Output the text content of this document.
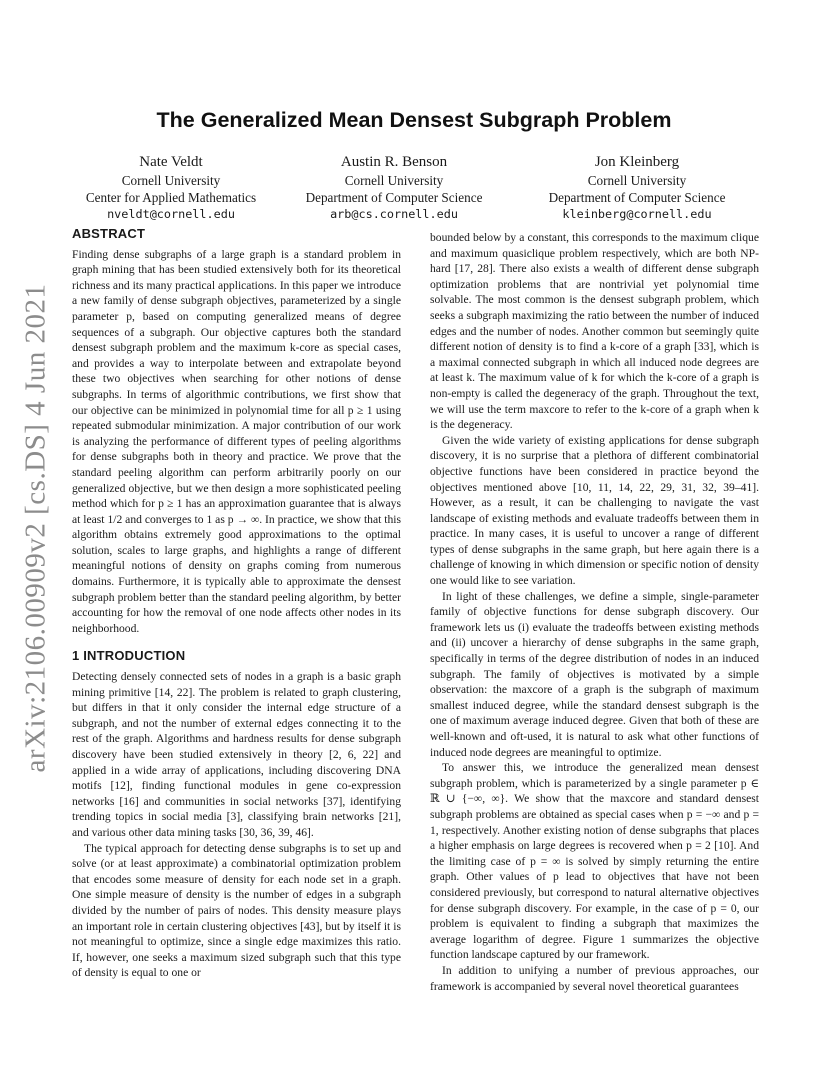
arXiv:2106.00909v2 [cs.DS] 4 Jun 2021
The Generalized Mean Densest Subgraph Problem
Nate Veldt
Cornell University
Center for Applied Mathematics
nveldt@cornell.edu
Austin R. Benson
Cornell University
Department of Computer Science
arb@cs.cornell.edu
Jon Kleinberg
Cornell University
Department of Computer Science
kleinberg@cornell.edu
ABSTRACT

Finding dense subgraphs of a large graph is a standard problem in graph mining that has been studied extensively both for its theoretical richness and its many practical applications. In this paper we introduce a new family of dense subgraph objectives, parameterized by a single parameter p, based on computing generalized means of degree sequences of a subgraph. Our objective captures both the standard densest subgraph problem and the maximum k-core as special cases, and provides a way to interpolate between and extrapolate beyond these two objectives when searching for other notions of dense subgraphs. In terms of algorithmic contributions, we first show that our objective can be minimized in polynomial time for all p ≥ 1 using repeated submodular minimization. A major contribution of our work is analyzing the performance of different types of peeling algorithms for dense subgraphs both in theory and practice. We prove that the standard peeling algorithm can perform arbitrarily poorly on our generalized objective, but we then design a more sophisticated peeling method which for p ≥ 1 has an approximation guarantee that is always at least 1/2 and converges to 1 as p → ∞. In practice, we show that this algorithm obtains extremely good approximations to the optimal solution, scales to large graphs, and highlights a range of different meaningful notions of density on graphs coming from numerous domains. Furthermore, it is typically able to approximate the densest subgraph problem better than the standard peeling algorithm, by better accounting for how the removal of one node affects other nodes in its neighborhood.

1 INTRODUCTION

Detecting densely connected sets of nodes in a graph is a basic graph mining primitive [14, 22]. The problem is related to graph clustering, but differs in that it only consider the internal edge structure of a subgraph, and not the number of external edges connecting it to the rest of the graph. Algorithms and hardness results for dense subgraph discovery have been studied extensively in theory [2, 6, 22] and applied in a wide array of applications, including discovering DNA motifs [12], finding functional modules in gene co-expression networks [16] and communities in social networks [37], identifying trending topics in social media [3], classifying brain networks [21], and various other data mining tasks [30, 36, 39, 46].

The typical approach for detecting dense subgraphs is to set up and solve (or at least approximate) a combinatorial optimization problem that encodes some measure of density for each node set in a graph. One simple measure of density is the number of edges in a subgraph divided by the number of pairs of nodes. This density measure plays an important role in certain clustering objectives [43], but by itself it is not meaningful to optimize, since a single edge maximizes this ratio. If, however, one seeks a maximum sized subgraph such that this type of density is equal to one or

bounded below by a constant, this corresponds to the maximum clique and maximum quasiclique problem respectively, which are both NP-hard [17, 28]. There also exists a wealth of different dense subgraph optimization problems that are nontrivial yet polynomial time solvable. The most common is the densest subgraph problem, which seeks a subgraph maximizing the ratio between the number of induced edges and the number of nodes. Another common but seemingly quite different notion of density is to find a k-core of a graph [33], which is a maximal connected subgraph in which all induced node degrees are at least k. The maximum value of k for which the k-core of a graph is non-empty is called the degeneracy of the graph. Throughout the text, we will use the term maxcore to refer to the k-core of a graph when k is the degeneracy.

Given the wide variety of existing applications for dense subgraph discovery, it is no surprise that a plethora of different combinatorial objective functions have been considered in practice beyond the objectives mentioned above [10, 11, 14, 22, 29, 31, 32, 39–41]. However, as a result, it can be challenging to navigate the vast landscape of existing methods and evaluate tradeoffs between them in practice. In many cases, it is useful to uncover a range of different types of dense subgraphs in the same graph, but here again there is a challenge of knowing in which dimension or specific notion of density one would like to see variation.

In light of these challenges, we define a simple, single-parameter family of objective functions for dense subgraph discovery. Our framework lets us (i) evaluate the tradeoffs between existing methods and (ii) uncover a hierarchy of dense subgraphs in the same graph, specifically in terms of the degree distribution of nodes in an induced subgraph. The family of objectives is motivated by a simple observation: the maxcore of a graph is the subgraph of maximum smallest induced degree, while the standard densest subgraph is the one of maximum average induced degree. Given that both of these are well-known and oft-used, it is natural to ask what other functions of induced node degrees are meaningful to optimize.

To answer this, we introduce the generalized mean densest subgraph problem, which is parameterized by a single parameter p ∈ ℝ ∪ {−∞, ∞}. We show that the maxcore and standard densest subgraph problems are obtained as special cases when p = −∞ and p = 1, respectively. Another existing notion of dense subgraphs that places a higher emphasis on large degrees is recovered when p = 2 [10]. And the limiting case of p = ∞ is solved by simply returning the entire graph. Other values of p lead to objectives that have not been considered previously, but correspond to natural alternative objectives for dense subgraph discovery. For example, in the case of p = 0, our problem is equivalent to finding a subgraph that maximizes the average logarithm of degree. Figure 1 summarizes the objective function landscape captured by our framework.

In addition to unifying a number of previous approaches, our framework is accompanied by several novel theoretical guarantees
